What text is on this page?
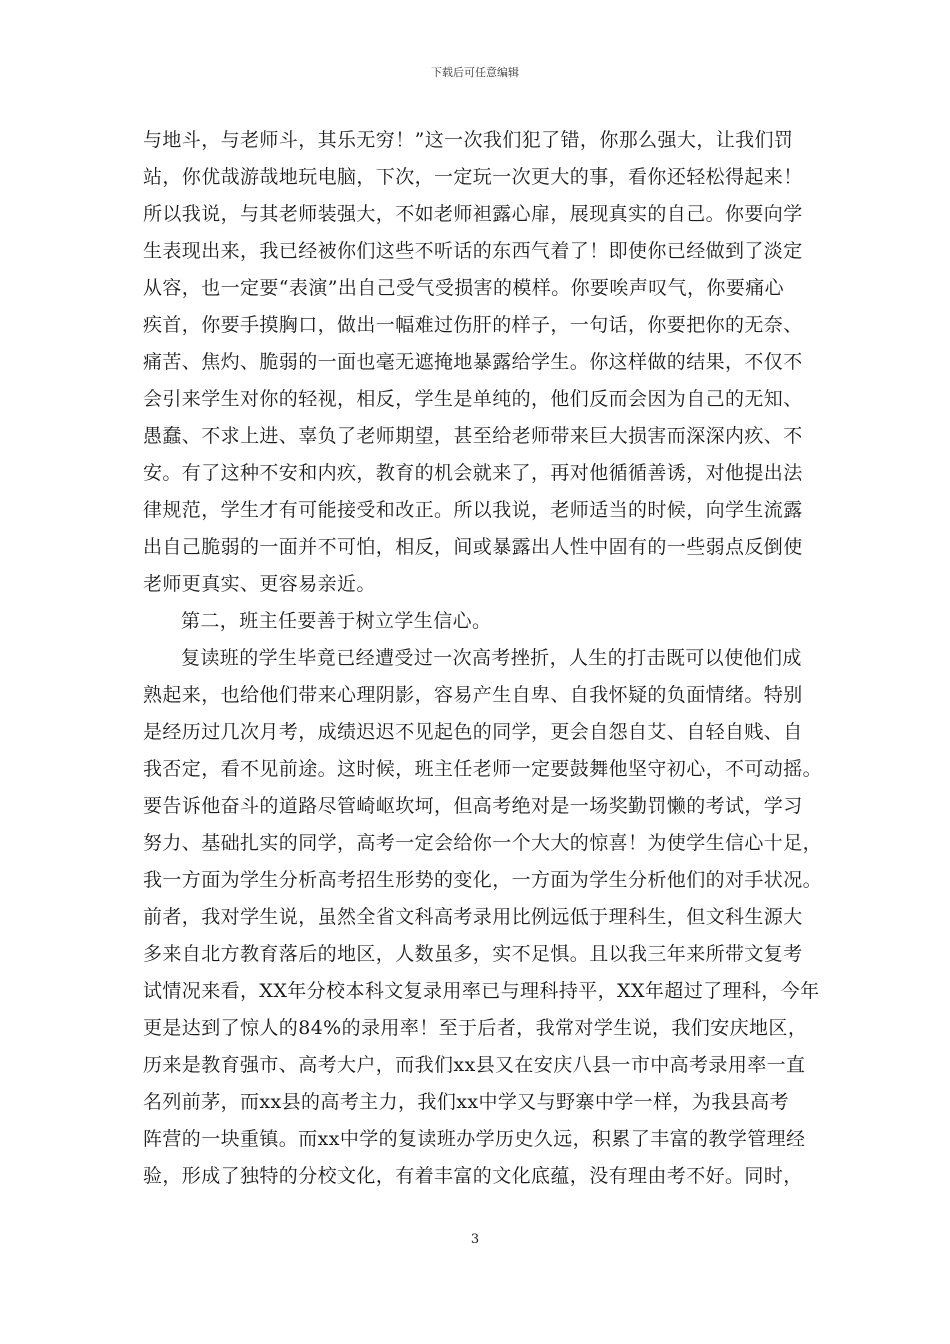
下载后可任意编辑
与地斗，与老师斗，其乐无穷！”这一次我们犯了错，你那么强大，让我们罚
站，你优哉游哉地玩电脑，下次，一定玩一次更大的事，看你还轻松得起来！
所以我说，与其老师装强大，不如老师袒露心扉，展现真实的自己。你要向学
生表现出来，我已经被你们这些不听话的东西气着了！即使你已经做到了淡定
从容，也一定要“表演”出自己受气受损害的模样。你要唉声叹气，你要痛心
疾首，你要手摸胸口，做出一幅难过伤肝的样子，一句话，你要把你的无奈、
痛苦、焦灼、脆弱的一面也毫无遮掩地暴露给学生。你这样做的结果，不仅不
会引来学生对你的轻视，相反，学生是单纯的，他们反而会因为自己的无知、
愚蠢、不求上进、辜负了老师期望，甚至给老师带来巨大损害而深深内疚、不
安。有了这种不安和内疚，教育的机会就来了，再对他循循善诱，对他提出法
律规范，学生才有可能接受和改正。所以我说，老师适当的时候，向学生流露
出自己脆弱的一面并不可怕，相反，间或暴露出人性中固有的一些弱点反倒使
老师更真实、更容易亲近。
第二，班主任要善于树立学生信心。
复读班的学生毕竟已经遭受过一次高考挫折，人生的打击既可以使他们成
熟起来，也给他们带来心理阴影，容易产生自卑、自我怀疑的负面情绪。特别
是经历过几次月考，成绩迟迟不见起色的同学，更会自怨自艾、自轻自贱、自
我否定，看不见前途。这时候，班主任老师一定要鼓舞他坚守初心，不可动摇。
要告诉他奋斗的道路尽管崎岖坎坷，但高考绝对是一场奖勤罚懒的考试，学习
努力、基础扎实的同学，高考一定会给你一个大大的惊喜！为使学生信心十足，
我一方面为学生分析高考招生形势的变化，一方面为学生分析他们的对手状况。
前者，我对学生说，虽然全省文科高考录用比例远低于理科生，但文科生源大
多来自北方教育落后的地区，人数虽多，实不足惧。且以我三年来所带文复考
试情况来看，XX年分校本科文复录用率已与理科持平，XX年超过了理科，今年
更是达到了惊人的84%的录用率！至于后者，我常对学生说，我们安庆地区，
历来是教育强市、高考大户，而我们xx县又在安庆八县一市中高考录用率一直
名列前茅，而xx县的高考主力，我们xx中学又与野寨中学一样，为我县高考
阵营的一块重镇。而xx中学的复读班办学历史久远，积累了丰富的教学管理经
验，形成了独特的分校文化，有着丰富的文化底蕴，没有理由考不好。同时，
3
